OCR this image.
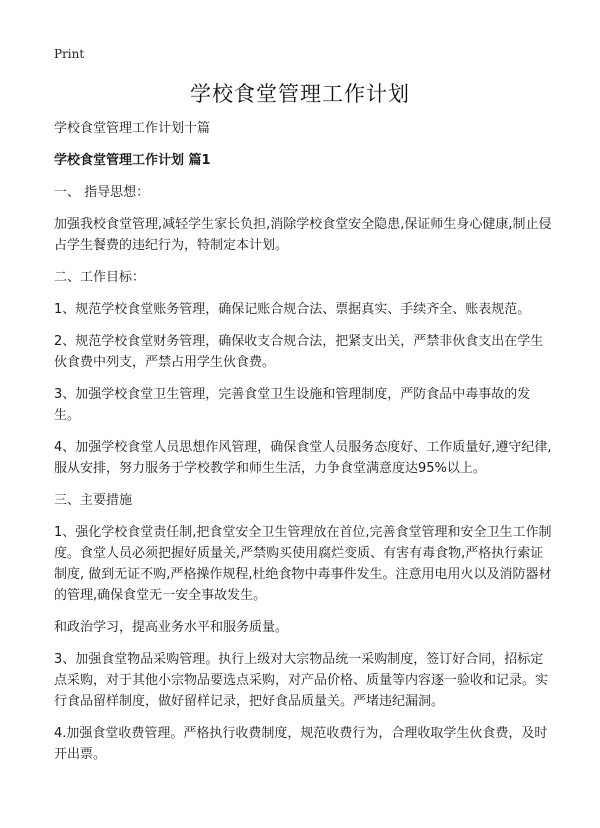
Print
学校食堂管理工作计划

学校食堂管理工作计划十篇

学校食堂管理工作计划 篇1

一、 指导思想：

加强我校食堂管理,减轻学生家长负担,消除学校食堂安全隐患,保证师生身心健康,制止侵占学生餐费的违纪行为，特制定本计划。

二、工作目标：

1、规范学校食堂账务管理，确保记账合规合法、票据真实、手续齐全、账表规范。

2、规范学校食堂财务管理，确保收支合规合法，把紧支出关，严禁非伙食支出在学生伙食费中列支，严禁占用学生伙食费。

3、加强学校食堂卫生管理，完善食堂卫生设施和管理制度，严防食品中毒事故的发生。

4、加强学校食堂人员思想作风管理，确保食堂人员服务态度好、工作质量好,遵守纪律,服从安排，努力服务于学校教学和师生生活，力争食堂满意度达95%以上。

三、主要措施

1、强化学校食堂责任制,把食堂安全卫生管理放在首位,完善食堂管理和安全卫生工作制度。食堂人员必须把握好质量关,严禁购买使用腐烂变质、有害有毒食物,严格执行索证制度, 做到无证不购,严格操作规程,杜绝食物中毒事件发生。注意用电用火以及消防器材的管理,确保食堂无一安全事故发生。

和政治学习，提高业务水平和服务质量。

3、加强食堂物品采购管理。执行上级对大宗物品统一采购制度，签订好合同，招标定点采购，对于其他小宗物品要选点采购，对产品价格、质量等内容逐一验收和记录。实行食品留样制度，做好留样记录，把好食品质量关。严堵违纪漏洞。

4.加强食堂收费管理。严格执行收费制度，规范收费行为，合理收取学生伙食费，及时开出票。
